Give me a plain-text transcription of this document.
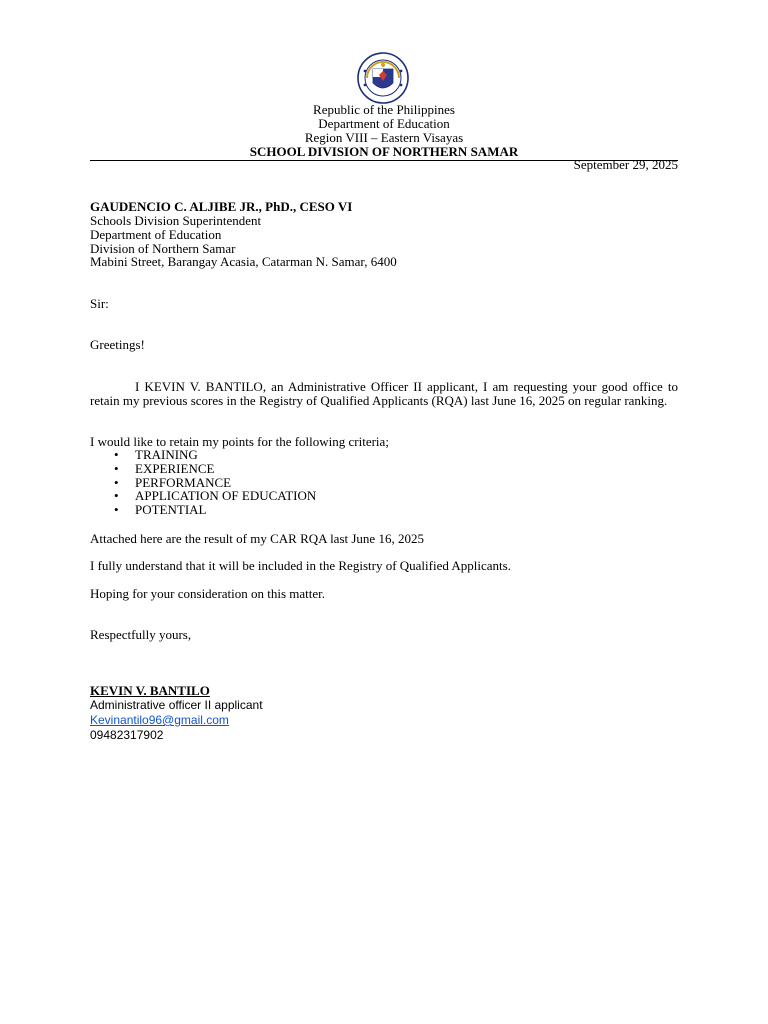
Republic of the Philippines
Department of Education
Region VIII – Eastern Visayas
SCHOOL DIVISION OF NORTHERN SAMAR
September 29, 2025
GAUDENCIO C. ALJIBE JR., PhD., CESO VI
Schools Division Superintendent
Department of Education
Division of Northern Samar
Mabini Street, Barangay Acasia, Catarman N. Samar, 6400
Sir:
Greetings!
I KEVIN V. BANTILO, an Administrative Officer II applicant, I am requesting your good office to retain my previous scores in the Registry of Qualified Applicants (RQA) last June 16, 2025 on regular ranking.
I would like to retain my points for the following criteria;
• TRAINING
• EXPERIENCE
• PERFORMANCE
• APPLICATION OF EDUCATION
• POTENTIAL
Attached here are the result of my CAR RQA last June 16, 2025
I fully understand that it will be included in the Registry of Qualified Applicants.
Hoping for your consideration on this matter.
Respectfully yours,
KEVIN V. BANTILO
Administrative officer II applicant
Kevinantilo96@gmail.com
09482317902
